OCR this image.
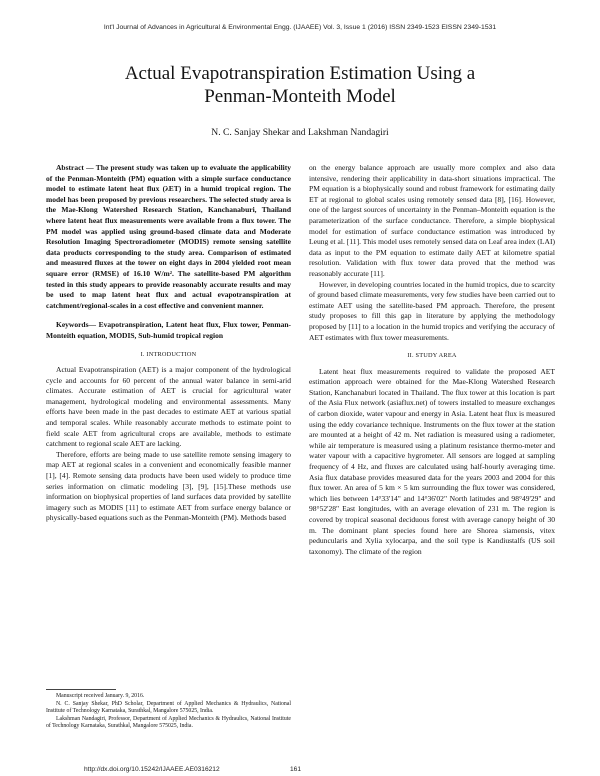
Int'l Journal of Advances in Agricultural & Environmental Engg. (IJAAEE) Vol. 3, Issue 1 (2016) ISSN 2349-1523 EISSN 2349-1531
Actual Evapotranspiration Estimation Using a
Penman-Monteith Model
N. C. Sanjay Shekar and Lakshman Nandagiri

Abstract — The present study was taken up to evaluate the applicability of the Penman-Monteith (PM) equation with a simple surface conductance model to estimate latent heat flux (λET) in a humid tropical region. The model has been proposed by previous researchers. The selected study area is the Mae-Klong Watershed Research Station, Kanchanaburi, Thailand where latent heat flux measurements were available from a flux tower. The PM model was applied using ground-based climate data and Moderate Resolution Imaging Spectroradiometer (MODIS) remote sensing satellite data products corresponding to the study area. Comparison of estimated and measured fluxes at the tower on eight days in 2004 yielded root mean square error (RMSE) of 16.10 W/m². The satellite-based PM algorithm tested in this study appears to provide reasonably accurate results and may be used to map latent heat flux and actual evapotranspiration at catchment/regional-scales in a cost effective and convenient manner.

Keywords— Evapotranspiration, Latent heat flux, Flux tower, Penman-Monteith equation, MODIS, Sub-humid tropical region

I. INTRODUCTION

Actual Evapotranspiration (AET) is a major component of the hydrological cycle and accounts for 60 percent of the annual water balance in semi-arid climates. Accurate estimation of AET is crucial for agricultural water management, hydrological modeling and environmental assessments. Many efforts have been made in the past decades to estimate AET at various spatial and temporal scales. While reasonably accurate methods to estimate point to field scale AET from agricultural crops are available, methods to estimate catchment to regional scale AET are lacking.

Therefore, efforts are being made to use satellite remote sensing imagery to map AET at regional scales in a convenient and economically feasible manner [1], [4]. Remote sensing data products have been used widely to produce time series information on climatic modeling [3], [9], [15].These methods use information on biophysical properties of land surfaces data provided by satellite imagery such as MODIS [11] to estimate AET from surface energy balance or physically-based equations such as the Penman-Monteith (PM). Methods based

Manuscript received January. 9, 2016.

N. C. Sanjay Shekar, PhD Scholar, Department of Applied Mechanics & Hydraulics, National Institute of Technology Karnataka, Surathkal, Mangalore 575025, India.

Lakshman Nandagiri, Professor, Department of Applied Mechanics & Hydraulics, National Institute of Technology Karnataka, Surathkal, Mangalore 575025, India.

on the energy balance approach are usually more complex and also data intensive, rendering their applicability in data-short situations impractical. The PM equation is a biophysically sound and robust framework for estimating daily ET at regional to global scales using remotely sensed data [8], [16]. However, one of the largest sources of uncertainty in the Penman–Monteith equation is the parameterization of the surface conductance. Therefore, a simple biophysical model for estimation of surface conductance estimation was introduced by Leung et al. [11]. This model uses remotely sensed data on Leaf area index (LAI) data as input to the PM equation to estimate daily AET at kilometre spatial resolution. Validation with flux tower data proved that the method was reasonably accurate [11].

However, in developing countries located in the humid tropics, due to scarcity of ground based climate measurements, very few studies have been carried out to estimate AET using the satellite-based PM approach. Therefore, the present study proposes to fill this gap in literature by applying the methodology proposed by [11] to a location in the humid tropics and verifying the accuracy of AET estimates with flux tower measurements.

II. STUDY AREA

Latent heat flux measurements required to validate the proposed AET estimation approach were obtained for the Mae-Klong Watershed Research Station, Kanchanaburi located in Thailand. The flux tower at this location is part of the Asia Flux network (asiaflux.net) of towers installed to measure exchanges of carbon dioxide, water vapour and energy in Asia. Latent heat flux is measured using the eddy covariance technique. Instruments on the flux tower at the station are mounted at a height of 42 m. Net radiation is measured using a radiometer, while air temperature is measured using a platinum resistance thermo-meter and water vapour with a capacitive hygrometer. All sensors are logged at sampling frequency of 4 Hz, and fluxes are calculated using half-hourly averaging time. Asia flux database provides measured data for the years 2003 and 2004 for this flux tower. An area of 5 km × 5 km surrounding the flux tower was considered, which lies between 14°33'14" and 14°36'02" North latitudes and 98°49'29" and 98°52'28" East longitudes, with an average elevation of 231 m. The region is covered by tropical seasonal deciduous forest with average canopy height of 30 m. The dominant plant species found here are Shorea siamensis, vitex peduncularis and Xylia xylocarpa, and the soil type is Kandiustalfs (US soil taxonomy). The climate of the region

http://dx.doi.org/10.15242/IJAAEE.AE0316212	161
